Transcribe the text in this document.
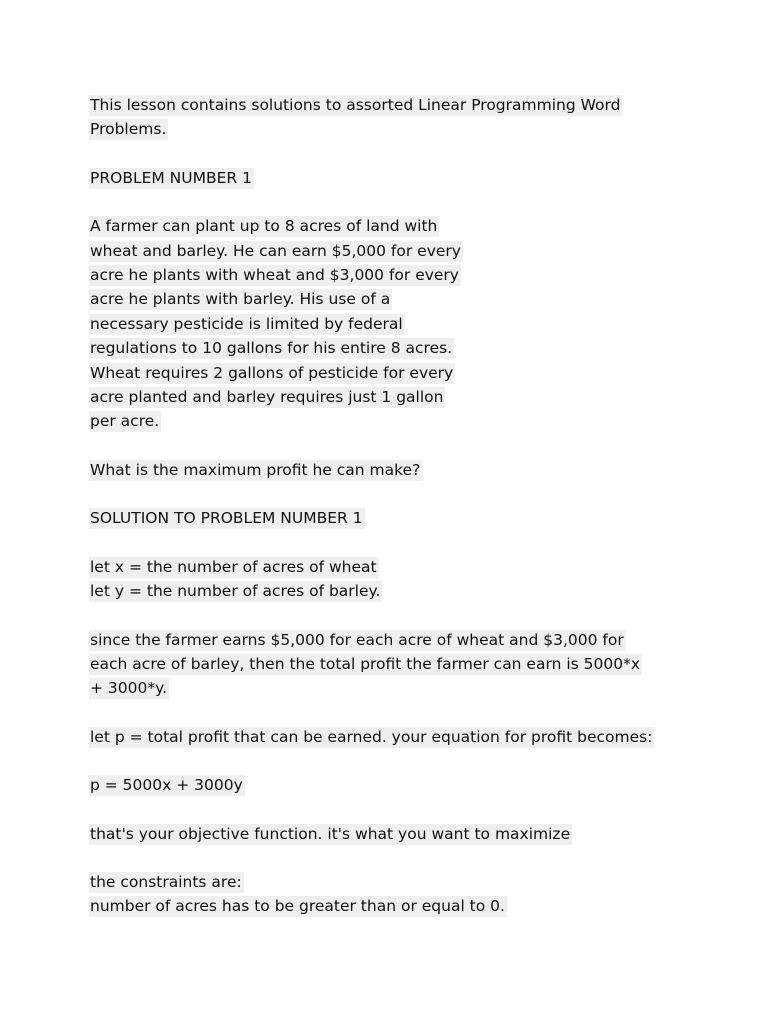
This lesson contains solutions to assorted Linear Programming Word
Problems.

PROBLEM NUMBER 1

A farmer can plant up to 8 acres of land with
wheat and barley. He can earn $5,000 for every
acre he plants with wheat and $3,000 for every
acre he plants with barley. His use of a
necessary pesticide is limited by federal
regulations to 10 gallons for his entire 8 acres.
Wheat requires 2 gallons of pesticide for every
acre planted and barley requires just 1 gallon
per acre.

What is the maximum profit he can make?

SOLUTION TO PROBLEM NUMBER 1

let x = the number of acres of wheat
let y = the number of acres of barley.

since the farmer earns $5,000 for each acre of wheat and $3,000 for
each acre of barley, then the total profit the farmer can earn is 5000*x
+ 3000*y.

let p = total profit that can be earned. your equation for profit becomes:

p = 5000x + 3000y

that's your objective function. it's what you want to maximize

the constraints are:
number of acres has to be greater than or equal to 0.
